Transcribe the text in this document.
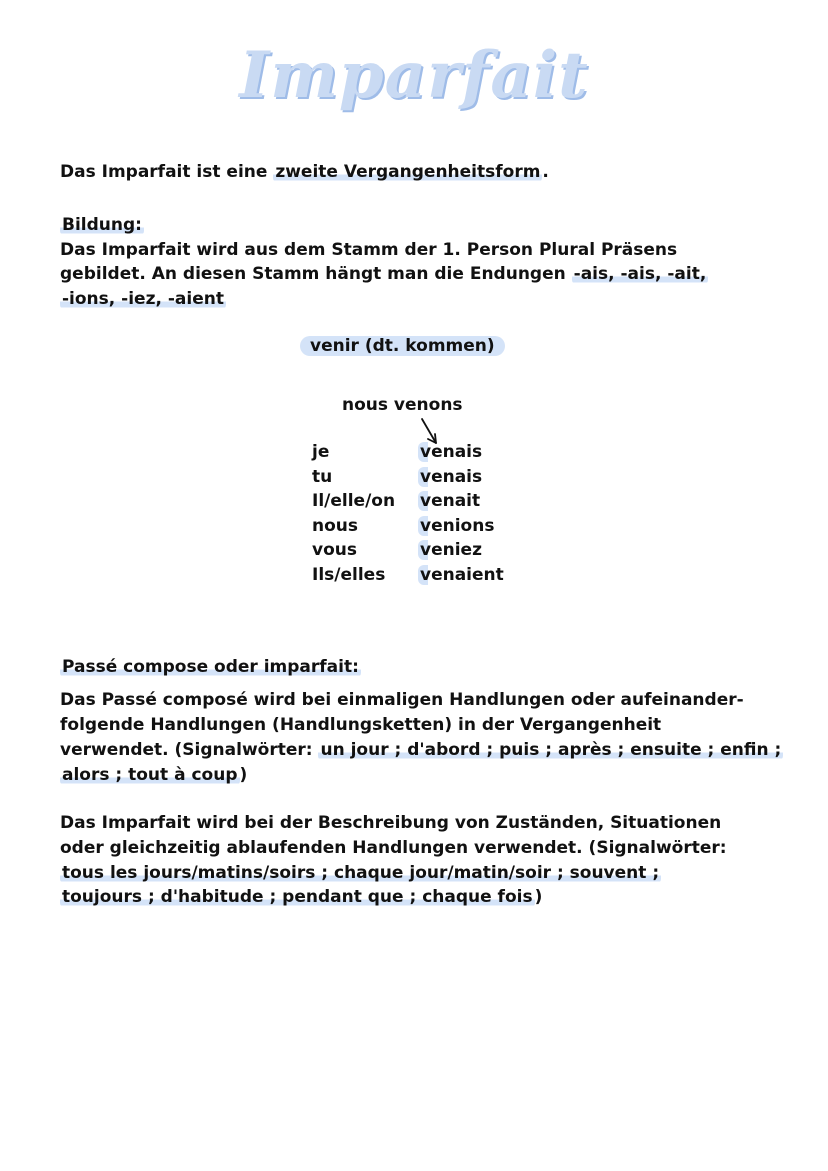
Imparfait
Das Imparfait ist eine zweite Vergangenheitsform .
Bildung:
Das Imparfait wird aus dem Stamm der 1. Person Plural Präsens
gebildet. An diesen Stamm hängt man die Endungen -ais, -ais, -ait,
-ions, -iez, -aient
venir (dt. kommen)
nous venons
je	venais
tu	venais
Il/elle/on venait
nous	venions
vous	veniez
Ils/elles venaient
Passé compose oder imparfait:
Das Passé composé wird bei einmaligen Handlungen oder aufeinander-
folgende Handlungen (Handlungsketten) in der Vergangenheit
verwendet. (Signalwörter: un jour ; d'abord ; puis ; après ; ensuite ; enfin ;
alors ; tout à coup )
Das Imparfait wird bei der Beschreibung von Zuständen, Situationen
oder gleichzeitig ablaufenden Handlungen verwendet. (Signalwörter:
tous les jours/matins/soirs ; chaque jour/matin/soir ; souvent ;
toujours ; d'habitude ; pendant que ; chaque fois )
